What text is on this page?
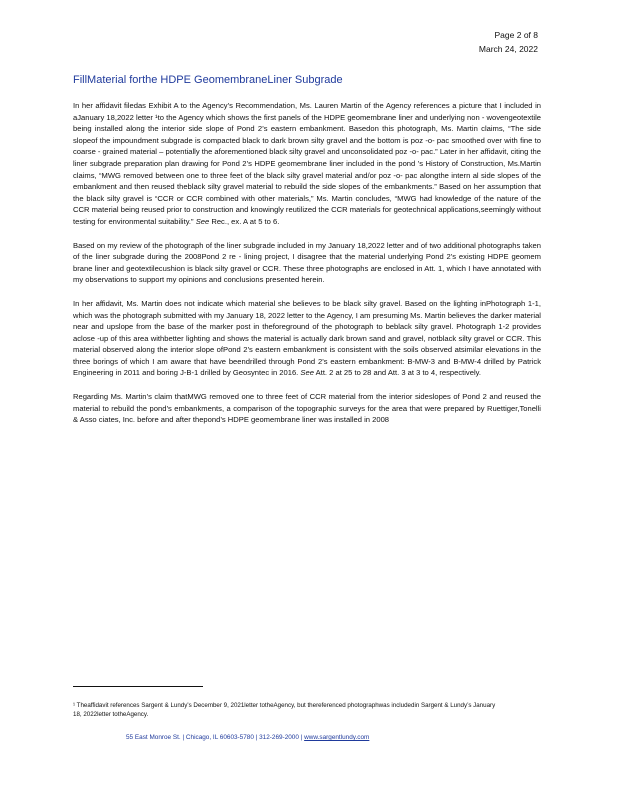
Page 2 of 8
March 24, 2022
FillMaterial forthe HDPE GeomembraneLiner Subgrade

In her affidavit filedas Exhibit A to the Agency’s Recommendation, Ms. Lauren Martin of the Agency references a picture that I included in aJanuary 18,2022 letter ¹to the Agency which shows the first panels of the HDPE geomembrane liner and underlying non - wovengeotextile being installed along the interior side slope of Pond 2’s eastern embankment. Basedon this photograph, Ms. Martin claims, “The side slopeof the impoundment subgrade is compacted black to dark brown silty gravel and the bottom is poz -o- pac smoothed over with fine to coarse - grained material – potentially the aforementioned black silty gravel and unconsolidated poz -o- pac.” Later in her affidavit, citing the liner subgrade preparation plan drawing for Pond 2’s HDPE geomembrane liner included in the pond ’s History of Construction, Ms.Martin claims, “MWG removed between one to three feet of the black silty gravel material and/or poz -o- pac alongthe intern al side slopes of the embankment and then reused theblack silty gravel material to rebuild the side slopes of the embankments.” Based on her assumption that the black silty gravel is “CCR or CCR combined with other materials,” Ms. Martin concludes, “MWG had knowledge of the nature of the CCR material being reused prior to construction and knowingly reutilized the CCR materials for geotechnical applications,seemingly without testing for environmental suitability.” See Rec., ex. A at 5 to 6.

Based on my review of the photograph of the liner subgrade included in my January 18,2022 letter and of two additional photographs taken of the liner subgrade during the 2008Pond 2 re - lining project, I disagree that the material underlying Pond 2’s existing HDPE geomem brane liner and geotextilecushion is black silty gravel or CCR. These three photographs are enclosed in Att. 1, which I have annotated with my observations to support my opinions and conclusions presented herein.

In her affidavit, Ms. Martin does not indicate which material she believes to be black silty gravel. Based on the lighting inPhotograph 1-1, which was the photograph submitted with my January 18, 2022 letter to the Agency, I am presuming Ms. Martin believes the darker material near and upslope from the base of the marker post in theforeground of the photograph to beblack silty gravel. Photograph 1-2 provides aclose -up of this area withbetter lighting and shows the material is actually dark brown sand and gravel, notblack silty gravel or CCR. This material observed along the interior slope ofPond 2’s eastern embankment is consistent with the soils observed atsimilar elevations in the three borings of which I am aware that have beendrilled through Pond 2’s eastern embankment: B-MW-3 and B-MW-4 drilled by Patrick Engineering in 2011 and boring J-B-1 drilled by Geosyntec in 2016. See Att. 2 at 25 to 28 and Att. 3 at 3 to 4, respectively.

Regarding Ms. Martin’s claim thatMWG removed one to three feet of CCR material from the interior sideslopes of Pond 2 and reused the material to rebuild the pond’s embankments, a comparison of the topographic surveys for the area that were prepared by Ruettiger,Tonelli & Asso ciates, Inc. before and after thepond’s HDPE geomembrane liner was installed in 2008

¹ Theaffidavit references Sargent & Lundy’s December 9, 2021letter totheAgency, but thereferenced photographwas includedin Sargent & Lundy’s January 18, 2022letter totheAgency.
55 East Monroe St. | Chicago, IL 60603-5780 | 312-269-2000 | www.sargentlundy.com
